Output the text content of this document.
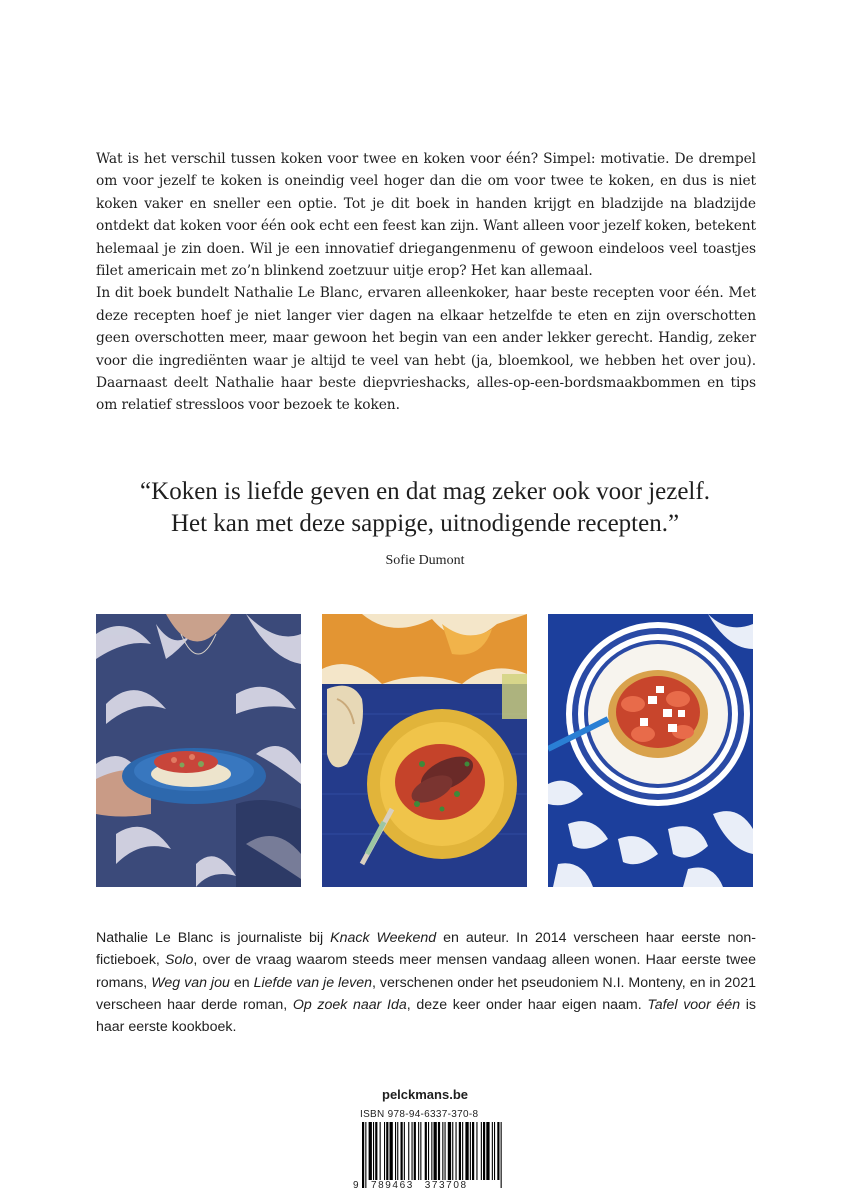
Wat is het verschil tussen koken voor twee en koken voor één? Simpel: motivatie. De drempel om voor jezelf te koken is oneindig veel hoger dan die om voor twee te koken, en dus is niet koken vaker en sneller een optie. Tot je dit boek in handen krijgt en bladzijde na bladzijde ontdekt dat koken voor één ook echt een feest kan zijn. Want alleen voor jezelf koken, betekent helemaal je zin doen. Wil je een innovatief driegangenmenu of gewoon eindeloos veel toastjes filet americain met zo’n blinkend zoetzuur uitje erop? Het kan allemaal.

In dit boek bundelt Nathalie Le Blanc, ervaren alleenkoker, haar beste recepten voor één. Met deze recepten hoef je niet langer vier dagen na elkaar hetzelfde te eten en zijn overschotten geen overschotten meer, maar gewoon het begin van een ander lekker gerecht. Handig, zeker voor die ingrediënten waar je altijd te veel van hebt (ja, bloemkool, we hebben het over jou). Daarnaast deelt Nathalie haar beste diepvrieshacks, alles-op-een-bordsmaakbommen en tips om relatief stressloos voor bezoek te koken.

“Koken is liefde geven en dat mag zeker ook voor jezelf.
Het kan met deze sappige, uitnodigende recepten.”
Sofie Dumont

Nathalie Le Blanc is journaliste bij Knack Weekend en auteur. In 2014 verscheen haar eerste non-fictieboek, Solo, over de vraag waarom steeds meer mensen vandaag alleen wonen. Haar eerste twee romans, Weg van jou en Liefde van je leven, verschenen onder het pseudoniem N.I. Monteny, en in 2021 verscheen haar derde roman, Op zoek naar Ida, deze keer onder haar eigen naam. Tafel voor één is haar eerste kookboek.

pelckmans.be
ISBN 978-94-6337-370-8
9 789463 373708
